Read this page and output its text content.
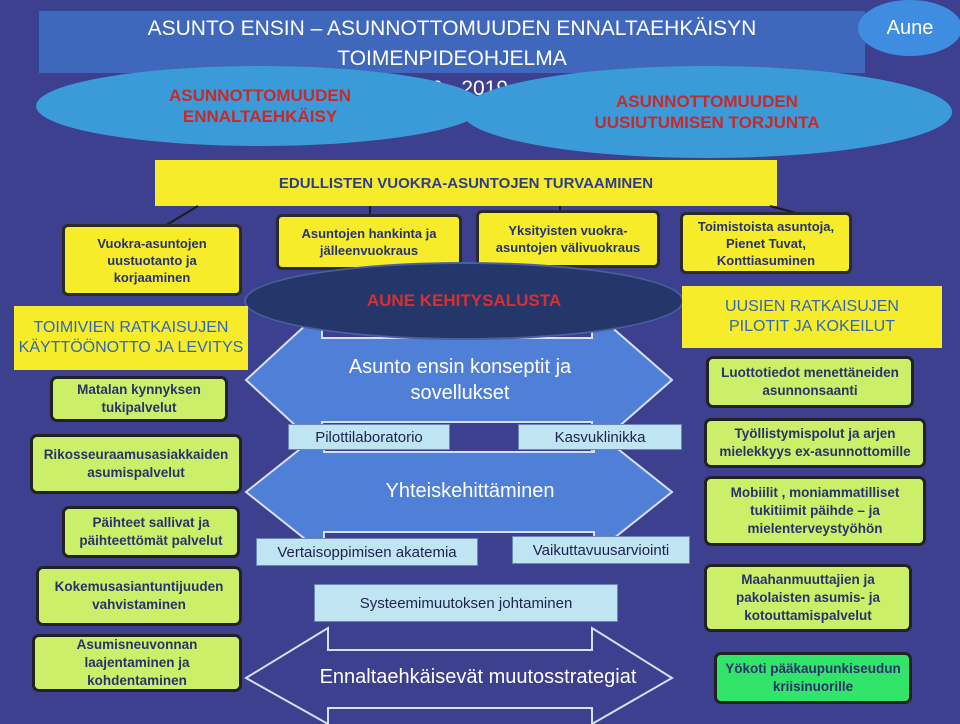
ASUNTO ENSIN – ASUNNOTTOMUUDEN ENNALTAEHKÄISYN TOIMENPIDEOHJELMA
2019
Aune
ASUNNOTTOMUUDEN
ENNALTAEHKÄISY
ASUNNOTTOMUUDEN
UUSIUTUMISEN TORJUNTA
EDULLISTEN VUOKRA-ASUNTOJEN TURVAAMINEN
Asuntojen hankinta ja jälleenvuokraus
Yksityisten vuokra-asuntojen välivuokraus
AUNE KEHITYSALUSTA
Asunto ensin konseptit ja
sovellukset
Pilottilaboratorio	Kasvuklinikka
Yhteiskehittäminen
Vertaisoppimisen akatemia	Vaikuttavuusarviointi
Systeemimuutoksen johtaminen
Ennaltaehkäisevät muutosstrategiat
Vuokra-asuntojen uustuotanto ja korjaaminen
TOIMIVIEN RATKAISUJEN
KÄYTTÖÖNOTTO JA LEVITYS
Matalan kynnyksen tukipalvelut
Rikosseuraamusasiakkaiden asumispalvelut
Päihteet sallivat ja päihteettömät palvelut
Kokemusasiantuntijuuden vahvistaminen
Asumisneuvonnan laajentaminen ja kohdentaminen
Toimistoista asuntoja, Pienet Tuvat, Konttiasuminen
UUSIEN RATKAISUJEN
PILOTIT JA KOKEILUT
Luottotiedot menettäneiden asunnonsaanti
Työllistymispolut ja arjen mielekkyys ex-asunnottomille
Mobiilit , moniammatilliset tukitiimit päihde – ja mielenterveystyöhön
Maahanmuuttajien ja pakolaisten asumis- ja kotouttamispalvelut
Yökoti pääkaupunkiseudun kriisinuorille
